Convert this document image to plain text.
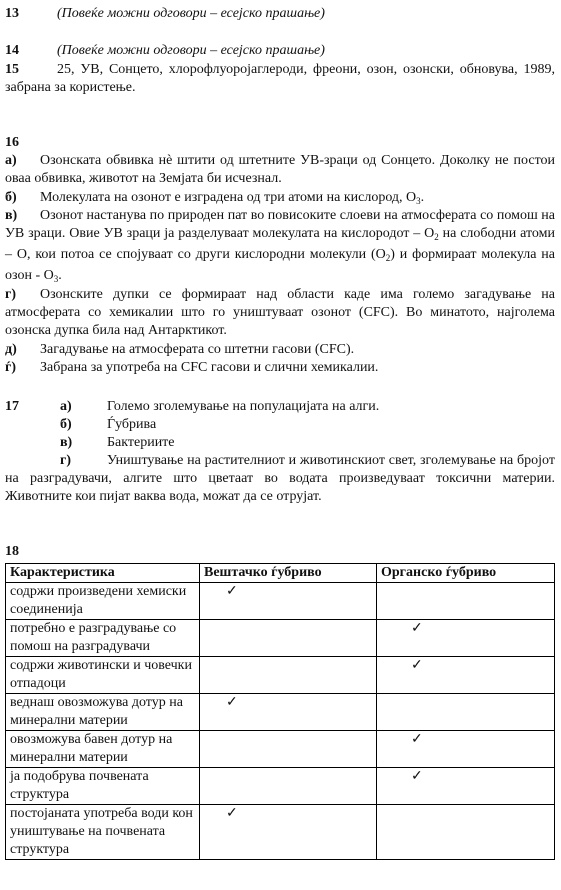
13	(Повеќе можни одговори – есејско прашање)
14	(Повеќе можни одговори – есејско прашање)
15	25, УВ, Сонцето, хлорофлуоројаглероди, фреони, озон, озонски, обновува, 1989, забрана за користење.
16
а) Озонската обвивка нè штити од штетните УВ-зраци од Сонцето. Доколку не постои оваа обвивка, животот на Земјата би исчезнал.
б) Молекулата на озонот е изградена од три атоми на кислород, $O_3$.
в) Озонот настанува по природен пат во повисоките слоеви на атмосферата со помош на УВ зраци. Овие УВ зраци ја разделуваат молекулата на кислородот – $O_2$ на слободни атоми – O, кои потоа се спојуваат со други кислородни молекули $(O_2)$ и формираат молекула на озон - $O_3$.
г) Озонските дупки се формираат над области каде има големо загадување на атмосферата со хемикалии што го уништуваат озонот (CFC). Во минатото, најголема озонска дупка била над Антарктикот.
д) Загадување на атмосферата со штетни гасови (CFC).
ѓ) Забрана за употреба на CFC гасови и слични хемикалии.
17	а)	Големо зголемување на популацијата на алги.
б)	Ѓубрива
в) Бактериите
г)	Уништување на растителниот и животинскиот свет, зголемување на бројот на разградувачи, алгите што цветаат во водата произведуваат токсични материи. Животните кои пијат ваква вода, можат да се отрујат.
18
Карактеристика	Вештачко ѓубриво	Органско ѓубриво
содржи произведени хемиски соединенија	✓	
потребно е разградување со помош на разградувачи		✓
содржи животински и човечки отпадоци		✓
веднаш овозможува дотур на минерални материи	✓	
овозможува бавен дотур на минерални материи		✓
ја подобрува почвената структура		✓
постојаната употреба води кон уништување на почвената структура	✓	
